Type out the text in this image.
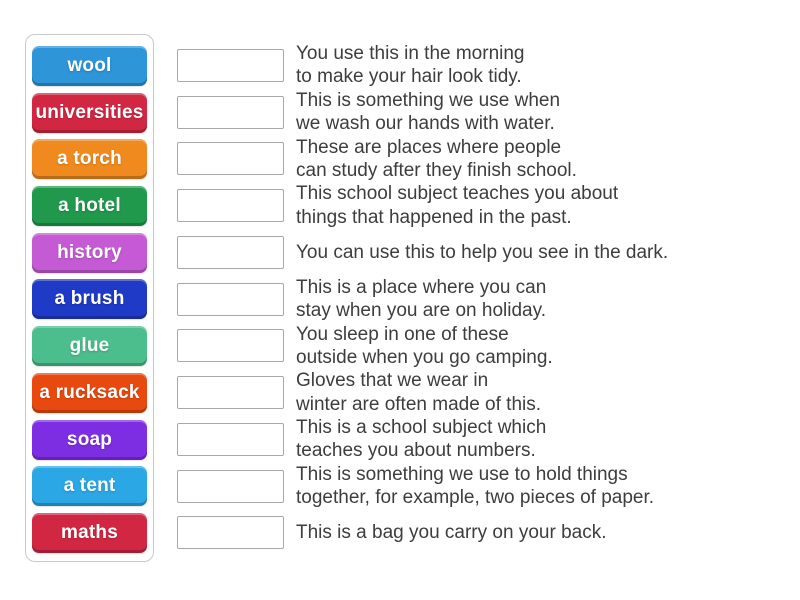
wool
universities
a torch
a hotel
history
a brush
glue
a rucksack
soap
a tent
maths
You use this in the morning
to make your hair look tidy.
This is something we use when
we wash our hands with water.
These are places where people
can study after they finish school.
This school subject teaches you about
things that happened in the past.
You can use this to help you see in the dark.
This is a place where you can
stay when you are on holiday.
You sleep in one of these
outside when you go camping.
Gloves that we wear in
winter are often made of this.
This is a school subject which
teaches you about numbers.
This is something we use to hold things
together, for example, two pieces of paper.
This is a bag you carry on your back.
